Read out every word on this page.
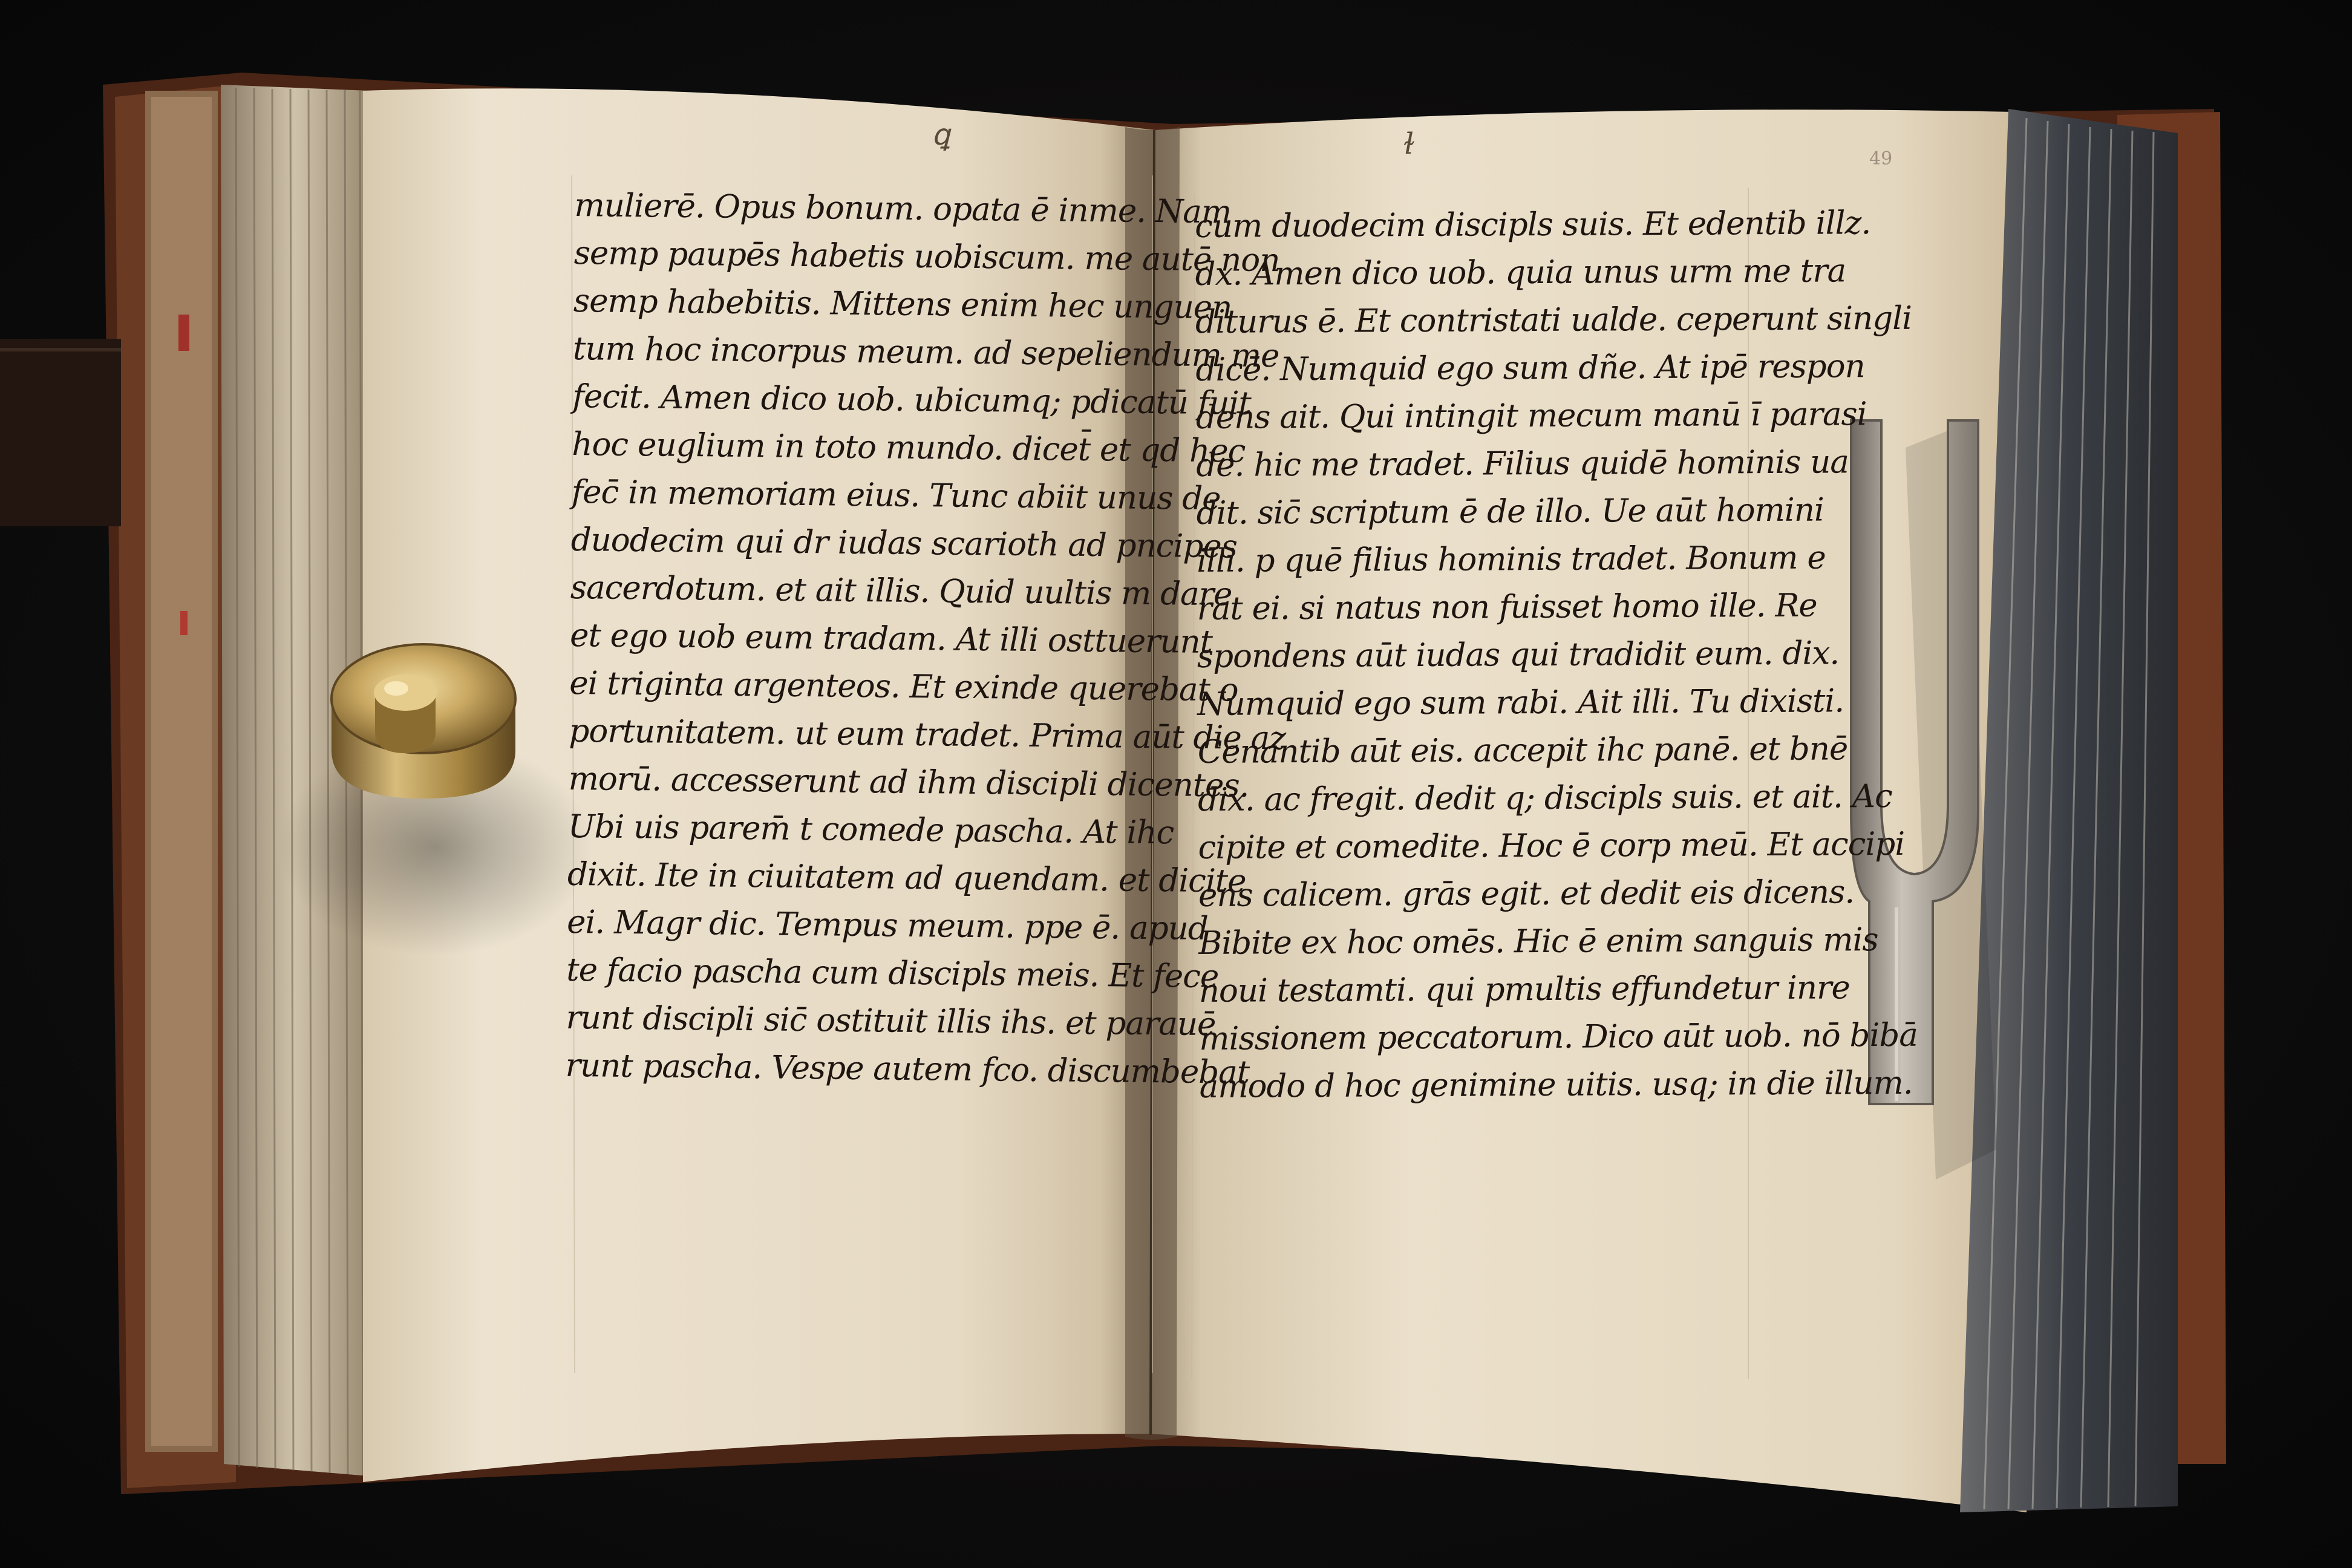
ꝗ	ɫ	49
mulierē. Opus bonum. opata ē inme. Nam
semp paupēs habetis uobiscum. me autē non
semp habebitis. Mittens enim hec unguen
tum hoc incorpus meum. ad sepeliendum me
fecit. Amen dico uob. ubicumq; pdicatū fuit
hoc euglium in toto mundo. dicet̄ et qd hec
fec̄ in memoriam eius. Tunc abiit unus de
duodecim qui dr iudas scarioth ad pncipes
sacerdotum. et ait illis. Quid uultis m dare
et ego uob eum tradam. At illi osttuerunt
ei triginta argenteos. Et exinde querebat o
portunitatem. ut eum tradet. Prima aūt die az
morū. accesserunt ad ihm discipli dicentes.
Ubi uis parem̄ t comede pascha. At ihc
dixit. Ite in ciuitatem ad quendam. et dicite
ei. Magr dic. Tempus meum. ppe ē. apud
te facio pascha cum discipls meis. Et fece
runt discipli sic̄ ostituit illis ihs. et parauē
runt pascha. Vespe autem fco. discumbebat
cum duodecim discipls suis. Et edentib illz.
dx. Amen dico uob. quia unus urm me tra
diturus ē. Et contristati ualde. ceperunt singli
dicē. Numquid ego sum dñe. At ipē respon
dens ait. Qui intingit mecum manū ī parasi
de. hic me tradet. Filius quidē hominis ua
dit. sic̄ scriptum ē de illo. Ue aūt homini
illi. p quē filius hominis tradet. Bonum e
rat ei. si natus non fuisset homo ille. Re
spondens aūt iudas qui tradidit eum. dix.
Numquid ego sum rabi. Ait illi. Tu dixisti.
Cenantib aūt eis. accepit ihc panē. et bnē
dix. ac fregit. dedit q; discipls suis. et ait. Ac
cipite et comedite. Hoc ē corp meū. Et accipi
ens calicem. grās egit. et dedit eis dicens.
Bibite ex hoc omēs. Hic ē enim sanguis mis
noui testamti. qui pmultis effundetur inre
missionem peccatorum. Dico aūt uob. nō bibā
amodo d hoc genimine uitis. usq; in die illum.
